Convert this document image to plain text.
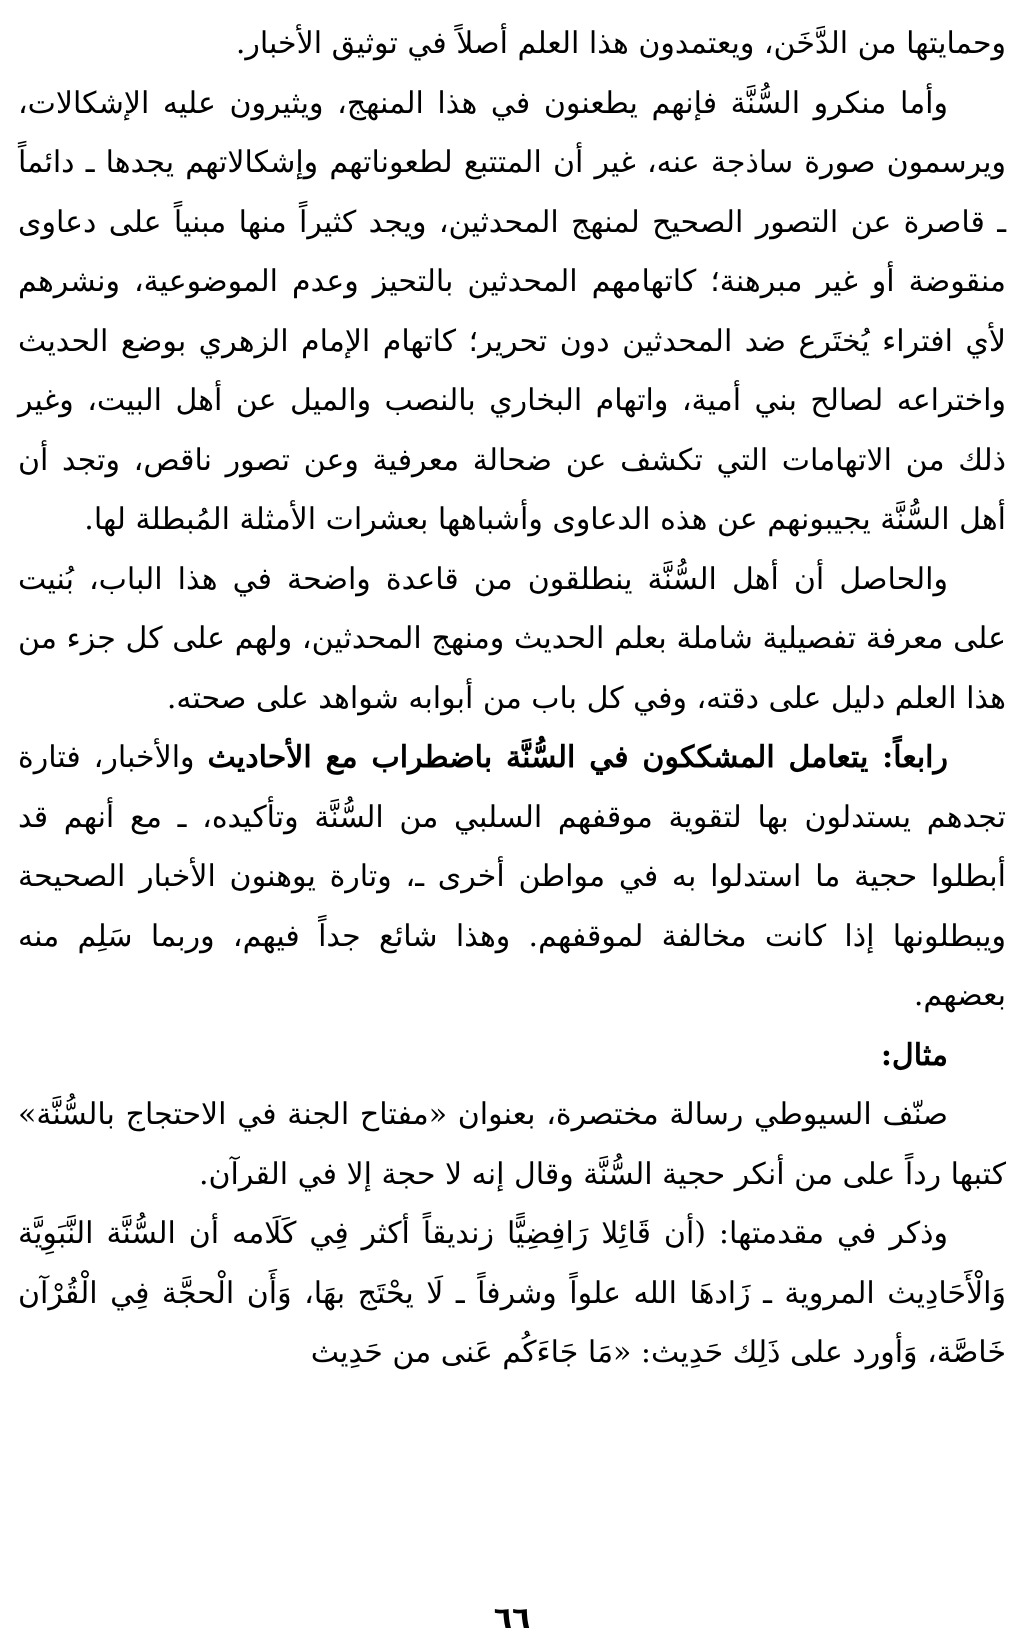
وحمايتها من الدَّخَن، ويعتمدون هذا العلم أصلاً في توثيق الأخبار.

وأما منكرو السُّنَّة فإنهم يطعنون في هذا المنهج، ويثيرون عليه الإشكالات، ويرسمون صورة ساذجة عنه، غير أن المتتبع لطعوناتهم وإشكالاتهم يجدها ـ دائماً ـ قاصرة عن التصور الصحيح لمنهج المحدثين، ويجد كثيراً منها مبنياً على دعاوى منقوضة أو غير مبرهنة؛ كاتهامهم المحدثين بالتحيز وعدم الموضوعية، ونشرهم لأي افتراء يُختَرع ضد المحدثين دون تحرير؛ كاتهام الإمام الزهري بوضع الحديث واختراعه لصالح بني أمية، واتهام البخاري بالنصب والميل عن أهل البيت، وغير ذلك من الاتهامات التي تكشف عن ضحالة معرفية وعن تصور ناقص، وتجد أن أهل السُّنَّة يجيبونهم عن هذه الدعاوى وأشباهها بعشرات الأمثلة المُبطلة لها.

والحاصل أن أهل السُّنَّة ينطلقون من قاعدة واضحة في هذا الباب، بُنيت على معرفة تفصيلية شاملة بعلم الحديث ومنهج المحدثين، ولهم على كل جزء من هذا العلم دليل على دقته، وفي كل باب من أبوابه شواهد على صحته.

رابعاً: يتعامل المشككون في السُّنَّة باضطراب مع الأحاديث والأخبار، فتارة تجدهم يستدلون بها لتقوية موقفهم السلبي من السُّنَّة وتأكيده، ـ مع أنهم قد أبطلوا حجية ما استدلوا به في مواطن أخرى ـ، وتارة يوهنون الأخبار الصحيحة ويبطلونها إذا كانت مخالفة لموقفهم. وهذا شائع جداً فيهم، وربما سَلِم منه بعضهم.

مثال:

صنّف السيوطي رسالة مختصرة، بعنوان «مفتاح الجنة في الاحتجاج بالسُّنَّة» كتبها رداً على من أنكر حجية السُّنَّة وقال إنه لا حجة إلا في القرآن.

وذكر في مقدمتها: (أن قَائِلا رَافِضِيًّا زنديقاً أكثر فِي كَلَامه أن السُّنَّة النَّبَوِيَّة وَالْأَحَادِيث المروية ـ زَادهَا الله علواً وشرفاً ـ لَا يحْتَج بهَا، وَأَن الْحجَّة فِي الْقُرْآن خَاصَّة، وَأورد على ذَلِك حَدِيث: «مَا جَاءَكُم عَنى من حَدِيث

٦٦
